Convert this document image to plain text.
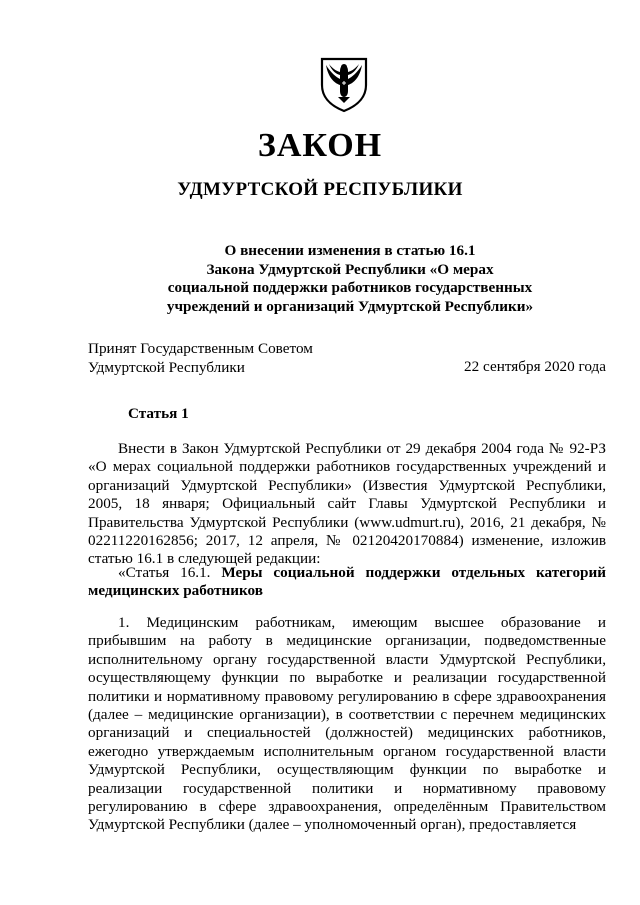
ЗАКОН
УДМУРТСКОЙ РЕСПУБЛИКИ
О внесении изменения в статью 16.1
Закона Удмуртской Республики «О мерах
социальной поддержки работников государственных
учреждений и организаций Удмуртской Республики»
Принят Государственным Советом
Удмуртской Республики	22 сентября 2020 года
Статья 1
Внести в Закон Удмуртской Республики от 29 декабря 2004 года № 92-РЗ «О мерах социальной поддержки работников государственных учреждений и организаций Удмуртской Республики» (Известия Удмуртской Республики, 2005, 18 января; Официальный сайт Главы Удмуртской Республики и Правительства Удмуртской Республики (www.udmurt.ru), 2016, 21 декабря, № 02211220162856; 2017, 12 апреля, № 02120420170884) изменение, изложив статью 16.1 в следующей редакции:
«Статья 16.1. Меры социальной поддержки отдельных категорий медицинских работников
1. Медицинским работникам, имеющим высшее образование и прибывшим на работу в медицинские организации, подведомственные исполнительному органу государственной власти Удмуртской Республики, осуществляющему функции по выработке и реализации государственной политики и нормативному правовому регулированию в сфере здравоохранения (далее – медицинские организации), в соответствии с перечнем медицинских организаций и специальностей (должностей) медицинских работников, ежегодно утверждаемым исполнительным органом государственной власти Удмуртской Республики, осуществляющим функции по выработке и реализации государственной политики и нормативному правовому регулированию в сфере здравоохранения, определённым Правительством Удмуртской Республики (далее – уполномоченный орган), предоставляется
